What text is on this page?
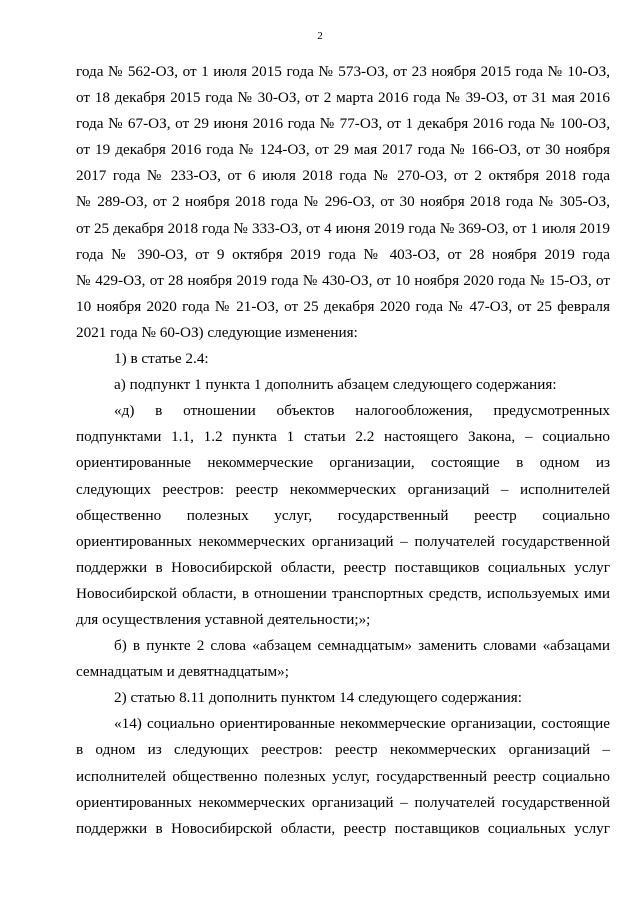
2
года № 562-ОЗ, от 1 июля 2015 года № 573-ОЗ, от 23 ноября 2015 года № 10-ОЗ,
от 18 декабря 2015 года № 30-ОЗ, от 2 марта 2016 года № 39-ОЗ, от 31 мая 2016
года № 67-ОЗ, от 29 июня 2016 года № 77-ОЗ, от 1 декабря 2016 года № 100-ОЗ,
от 19 декабря 2016 года № 124-ОЗ, от 29 мая 2017 года № 166-ОЗ, от 30 ноября
2017 года № 233-ОЗ, от 6 июля 2018 года № 270-ОЗ, от 2 октября 2018 года
№ 289-ОЗ, от 2 ноября 2018 года № 296-ОЗ, от 30 ноября 2018 года № 305-ОЗ,
от 25 декабря 2018 года № 333-ОЗ, от 4 июня 2019 года № 369-ОЗ, от 1 июля 2019
года № 390-ОЗ, от 9 октября 2019 года № 403-ОЗ, от 28 ноября 2019 года
№ 429-ОЗ, от 28 ноября 2019 года № 430-ОЗ, от 10 ноября 2020 года № 15-ОЗ, от
10 ноября 2020 года № 21-ОЗ, от 25 декабря 2020 года № 47-ОЗ, от 25 февраля
2021 года № 60-ОЗ) следующие изменения:
1) в статье 2.4:
а) подпункт 1 пункта 1 дополнить абзацем следующего содержания:
«д) в отношении объектов налогообложения, предусмотренных
подпунктами 1.1, 1.2 пункта 1 статьи 2.2 настоящего Закона, – социально
ориентированные некоммерческие организации, состоящие в одном из
следующих реестров: реестр некоммерческих организаций – исполнителей
общественно полезных услуг, государственный реестр социально
ориентированных некоммерческих организаций – получателей государственной
поддержки в Новосибирской области, реестр поставщиков социальных услуг
Новосибирской области, в отношении транспортных средств, используемых ими
для осуществления уставной деятельности;»;
б) в пункте 2 слова «абзацем семнадцатым» заменить словами «абзацами
семнадцатым и девятнадцатым»;
2) статью 8.11 дополнить пунктом 14 следующего содержания:
«14) социально ориентированные некоммерческие организации, состоящие
в одном из следующих реестров: реестр некоммерческих организаций –
исполнителей общественно полезных услуг, государственный реестр социально
ориентированных некоммерческих организаций – получателей государственной
поддержки в Новосибирской области, реестр поставщиков социальных услуг
